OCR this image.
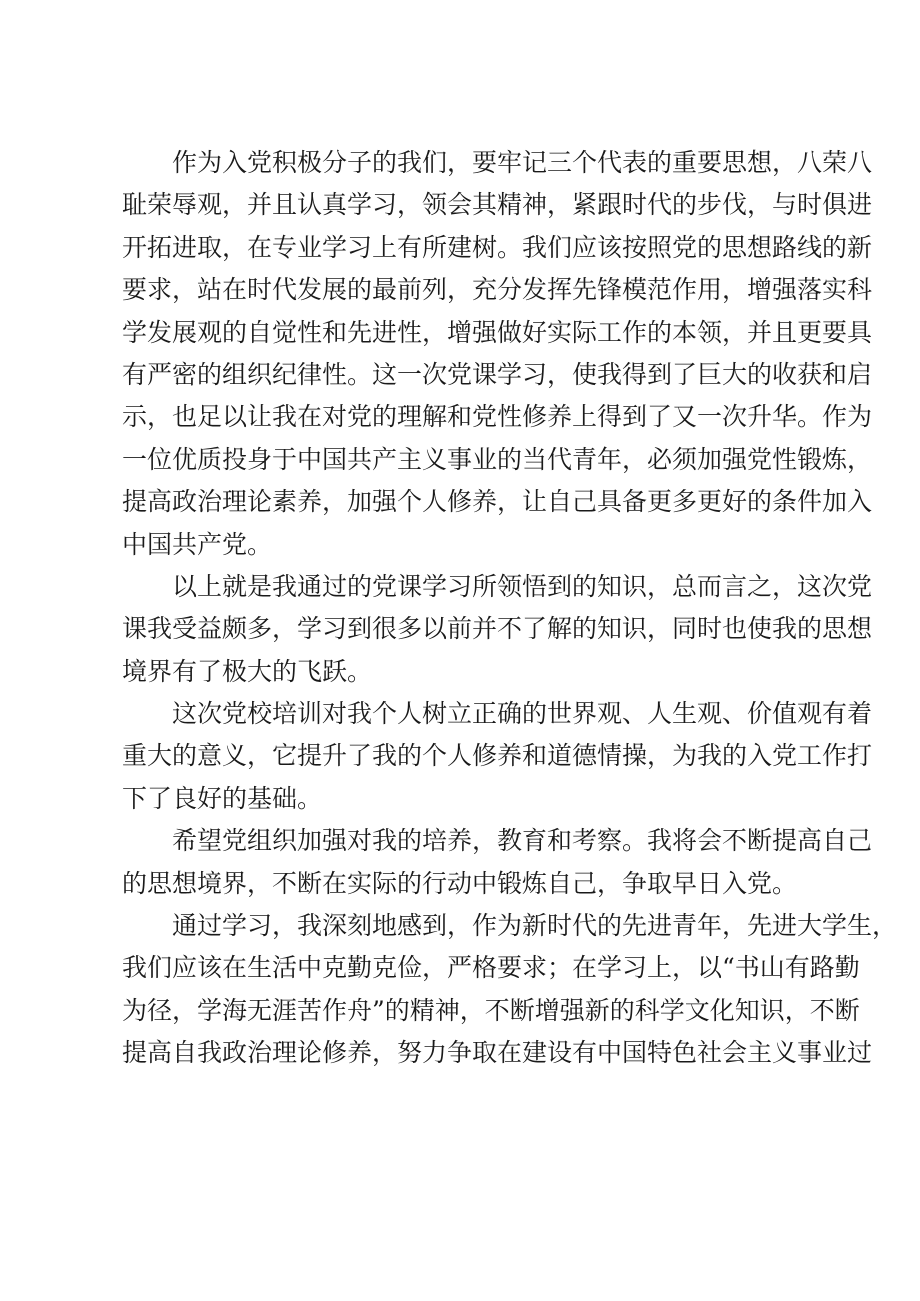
作为入党积极分子的我们，要牢记三个代表的重要思想，八荣八
耻荣辱观，并且认真学习，领会其精神，紧跟时代的步伐，与时俱进
开拓进取，在专业学习上有所建树。我们应该按照党的思想路线的新
要求，站在时代发展的最前列，充分发挥先锋模范作用，增强落实科
学发展观的自觉性和先进性，增强做好实际工作的本领，并且更要具
有严密的组织纪律性。这一次党课学习，使我得到了巨大的收获和启
示，也足以让我在对党的理解和党性修养上得到了又一次升华。作为
一位优质投身于中国共产主义事业的当代青年，必须加强党性锻炼，
提高政治理论素养，加强个人修养，让自己具备更多更好的条件加入
中国共产党。
以上就是我通过的党课学习所领悟到的知识，总而言之，这次党
课我受益颇多，学习到很多以前并不了解的知识，同时也使我的思想
境界有了极大的飞跃。
这次党校培训对我个人树立正确的世界观、人生观、价值观有着
重大的意义，它提升了我的个人修养和道德情操，为我的入党工作打
下了良好的基础。
希望党组织加强对我的培养，教育和考察。我将会不断提高自己
的思想境界，不断在实际的行动中锻炼自己，争取早日入党。
通过学习，我深刻地感到，作为新时代的先进青年，先进大学生，
我们应该在生活中克勤克俭，严格要求；在学习上，以“书山有路勤
为径，学海无涯苦作舟”的精神，不断增强新的科学文化知识，不断
提高自我政治理论修养，努力争取在建设有中国特色社会主义事业过
